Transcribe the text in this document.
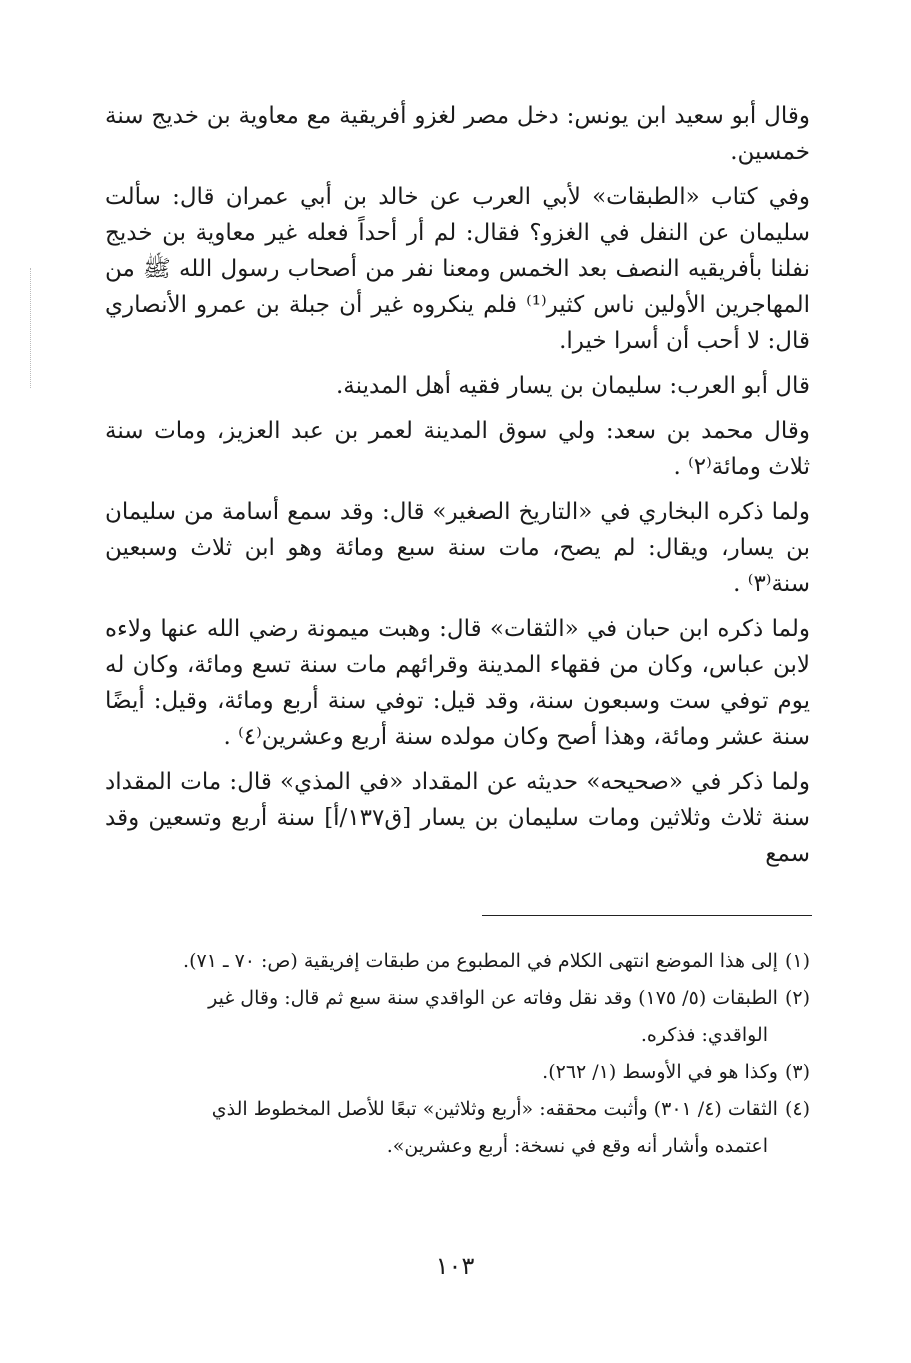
وقال أبو سعيد ابن يونس: دخل مصر لغزو أفريقية مع معاوية بن خديج سنة خمسين.

وفي كتاب «الطبقات» لأبي العرب عن خالد بن أبي عمران قال: سألت سليمان عن النفل في الغزو؟ فقال: لم أر أحداً فعله غير معاوية بن خديج نفلنا بأفريقيه النصف بعد الخمس ومعنا نفر من أصحاب رسول الله ﷺ من المهاجرين الأولين ناس كثير⁽¹⁾ فلم ينكروه غير أن جبلة بن عمرو الأنصاري قال: لا أحب أن أسرا خيرا.

قال أبو العرب: سليمان بن يسار فقيه أهل المدينة.

وقال محمد بن سعد: ولي سوق المدينة لعمر بن عبد العزيز، ومات سنة ثلاث ومائة⁽٢⁾ .

ولما ذكره البخاري في «التاريخ الصغير» قال: وقد سمع أسامة من سليمان بن يسار، ويقال: لم يصح، مات سنة سبع ومائة وهو ابن ثلاث وسبعين سنة⁽٣⁾ .

ولما ذكره ابن حبان في «الثقات» قال: وهبت ميمونة رضي الله عنها ولاءه لابن عباس، وكان من فقهاء المدينة وقرائهم مات سنة تسع ومائة، وكان له يوم توفي ست وسبعون سنة، وقد قيل: توفي سنة أربع ومائة، وقيل: أيضًا سنة عشر ومائة، وهذا أصح وكان مولده سنة أربع وعشرين⁽٤⁾ .

ولما ذكر في «صحيحه» حديثه عن المقداد «في المذي» قال: مات المقداد سنة ثلاث وثلاثين ومات سليمان بن يسار [ق١٣٧/أ] سنة أربع وتسعين وقد سمع

(١) إلى هذا الموضع انتهى الكلام في المطبوع من طبقات إفريقية (ص: ٧٠ ـ ٧١).
(٢) الطبقات (٥/ ١٧٥) وقد نقل وفاته عن الواقدي سنة سبع ثم قال: وقال غير
الواقدي: فذكره.
(٣) وكذا هو في الأوسط (١/ ٢٦٢).
(٤) الثقات (٤/ ٣٠١) وأثبت محققه: «أربع وثلاثين» تبعًا للأصل المخطوط الذي
اعتمده وأشار أنه وقع في نسخة: أربع وعشرين».
١٠٣
